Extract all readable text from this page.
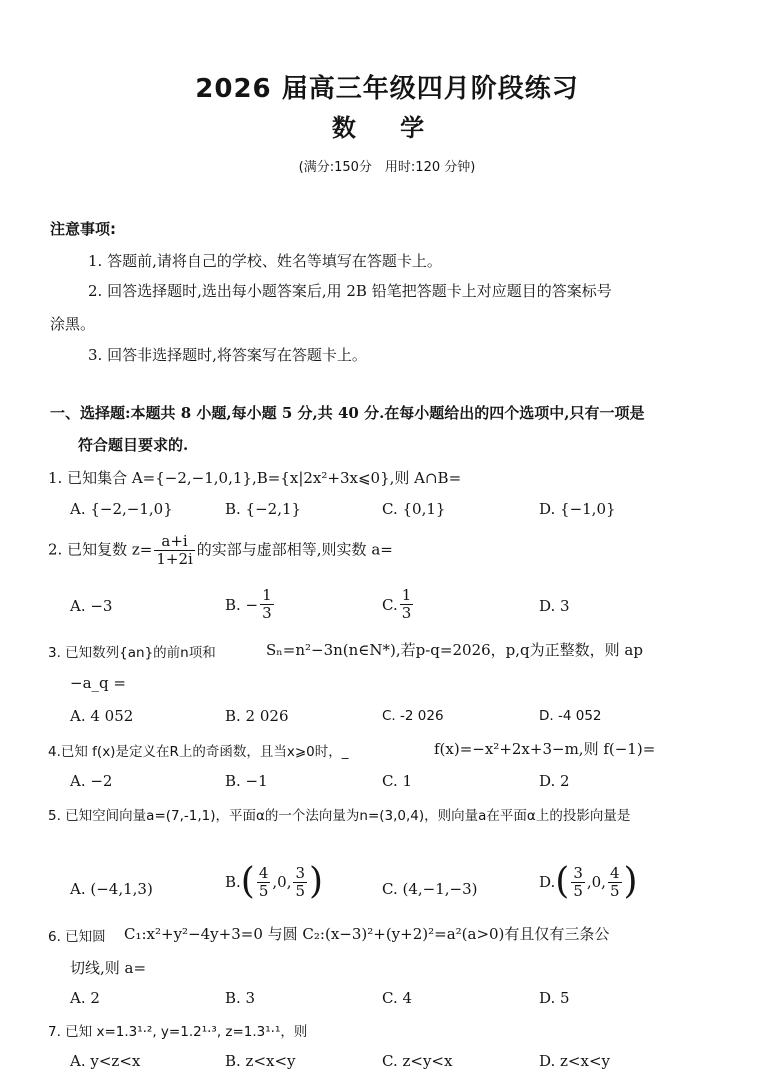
2026 届高三年级四月阶段练习
数 学
(满分:150分　用时:120 分钟)
注意事项:
1. 答题前,请将自己的学校、姓名等填写在答题卡上。
2. 回答选择题时,选出每小题答案后,用 2B 铅笔把答题卡上对应题目的答案标号
涂黑。
3. 回答非选择题时,将答案写在答题卡上。
一、选择题:本题共 8 小题,每小题 5 分,共 40 分.在每小题给出的四个选项中,只有一项是
符合题目要求的.
1. 已知集合 A={−2,−1,0,1},B={x|2x²+3x⩽0},则 A∩B=
A. {−2,−1,0}	B. {−2,1}	C. {0,1}	D. {−1,0}
2. 已知复数 $z= \frac{a+i}{1+2i}$ 的实部与虚部相等,则实数 a=
A. −3	B. − $\frac{1}{3}$	C. $\frac{1}{3}$	D. 3
3. 已知数列{an}的前n项和	Sₙ=n²−3n(n∈N*),若p-q=2026，p,q为正整数，则 ap
−a_q =
A. 4 052	B. 2 026	C. -2 026	D. -4 052
4.已知 f(x)是定义在R上的奇函数，且当x⩾0时，_	f(x)=−x²+2x+3−m,则 f(−1)=
A. −2	B. −1	C. 1	D. 2
5. 已知空间向量a=(7,-1,1)，平面α的一个法向量为n=(3,0,4)，则向量a在平面α上的投影向量是
A. (−4,1,3)	$B.( \frac{4}{5} ,0$, $\frac{3}{5}$ )	C. (4,−1,−3)	$D.( \frac{3}{5} ,0$, $\frac{4}{5}$ )
6. 已知圆 C₁:x²+y²−4y+3=0 与圆 C₂:(x−3)²+(y+2)²=a²(a>0)有且仅有三条公
切线,则 a=
A. 2	B. 3	C. 4	D. 5
7. 已知 x=1.3¹·², y=1.2¹·³, z=1.3¹·¹，则
A. y<z<x	B. z<x<y	C. z<y<x	D. z<x<y
